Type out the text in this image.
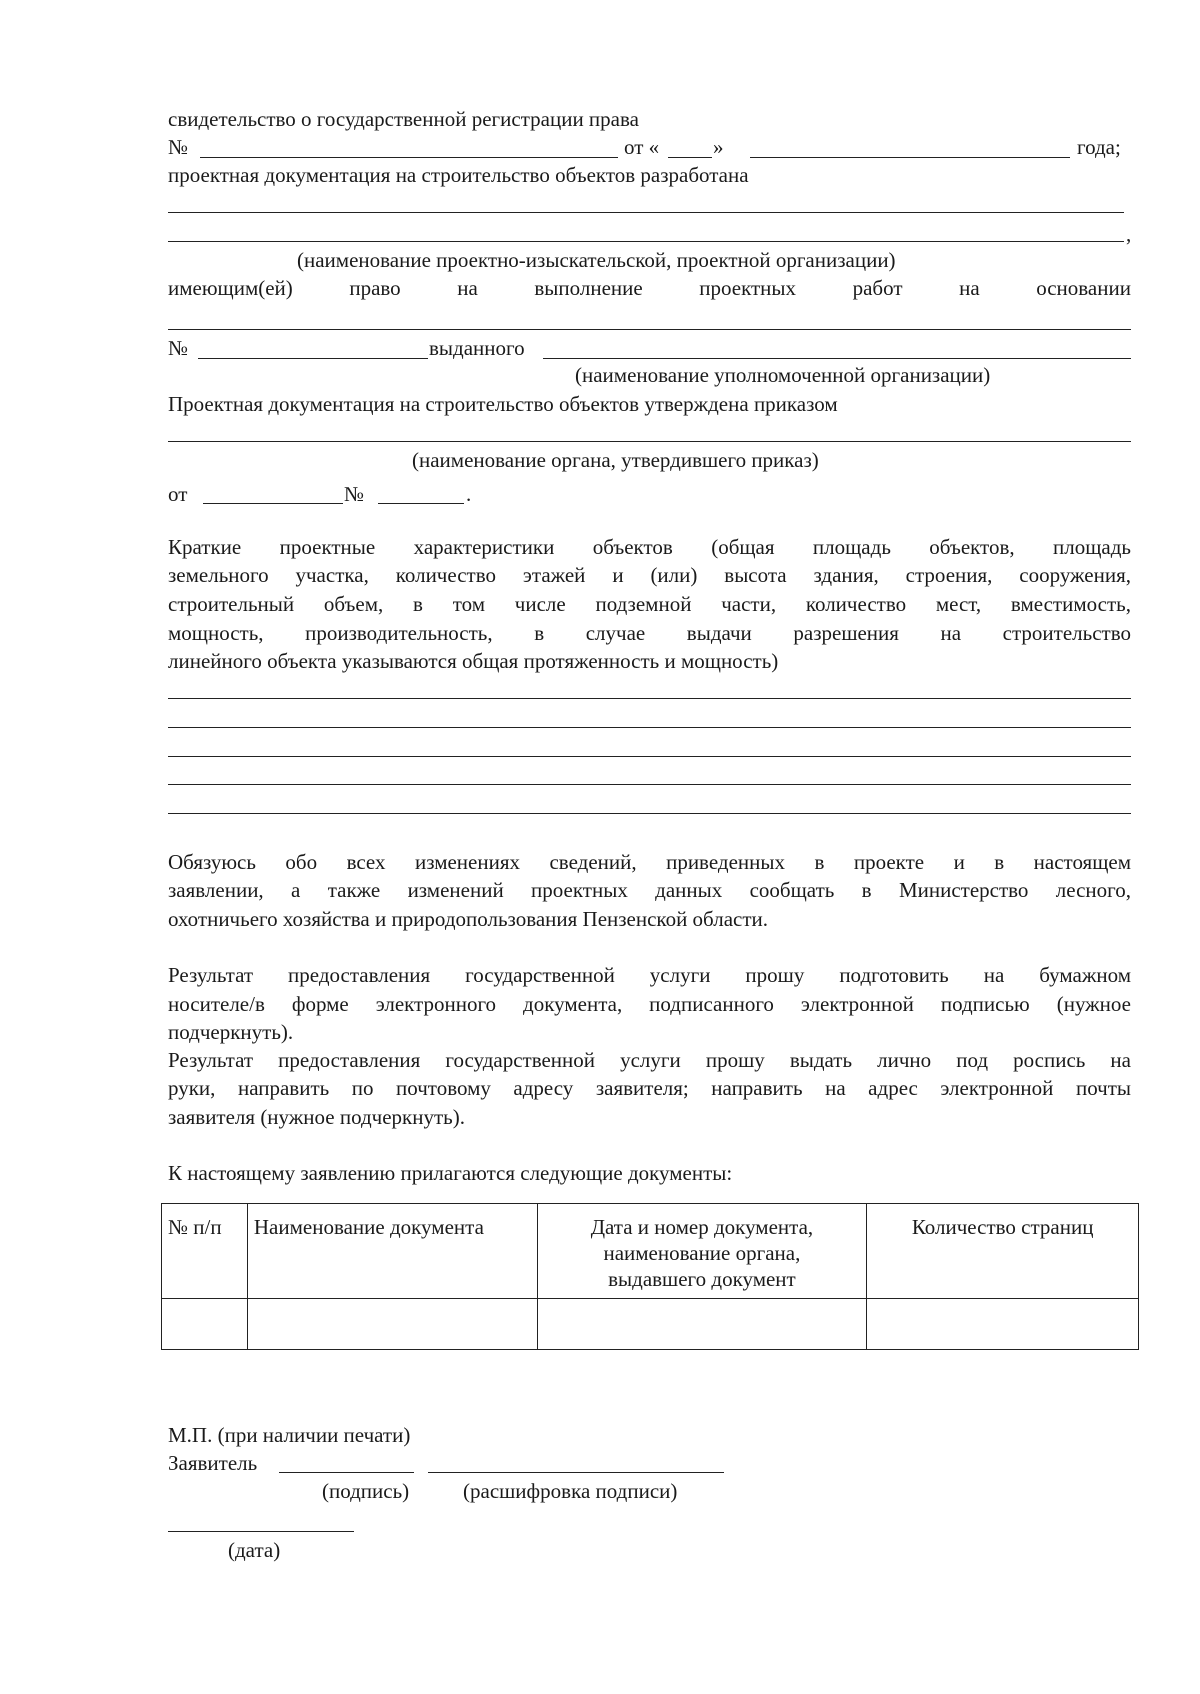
свидетельство о государственной регистрации права
№	от «	»	года;
проектная документация на строительство объектов разработана
,
(наименование проектно-изыскательской, проектной организации)
имеющим(ей)	право	на	выполнение	проектных	работ	на	основании
№	выданного
(наименование уполномоченной организации)
Проектная документация на строительство объектов утверждена приказом
(наименование органа, утвердившего приказ)
от	№	.
Краткие проектные характеристики объектов (общая площадь объектов, площадь
земельного участка, количество этажей и (или) высота здания, строения, сооружения,
строительный объем, в том числе подземной части, количество мест, вместимость,
мощность, производительность, в случае выдачи разрешения на строительство
линейного объекта указываются общая протяженность и мощность)
Обязуюсь обо всех изменениях сведений, приведенных в проекте и в настоящем
заявлении, а также изменений проектных данных сообщать в Министерство лесного,
охотничьего хозяйства и природопользования Пензенской области.
Результат предоставления государственной услуги прошу подготовить на бумажном
носителе/в форме электронного документа, подписанного электронной подписью (нужное
подчеркнуть).
Результат предоставления государственной услуги прошу выдать лично под роспись на
руки, направить по почтовому адресу заявителя; направить на адрес электронной почты
заявителя (нужное подчеркнуть).
К настоящему заявлению прилагаются следующие документы:
№ п/п	Наименование документа	Дата и номер документа,
наименование органа,
выдавшего документ	Количество страниц

М.П. (при наличии печати)
Заявитель
(подпись)	(расшифровка подписи)
(дата)
